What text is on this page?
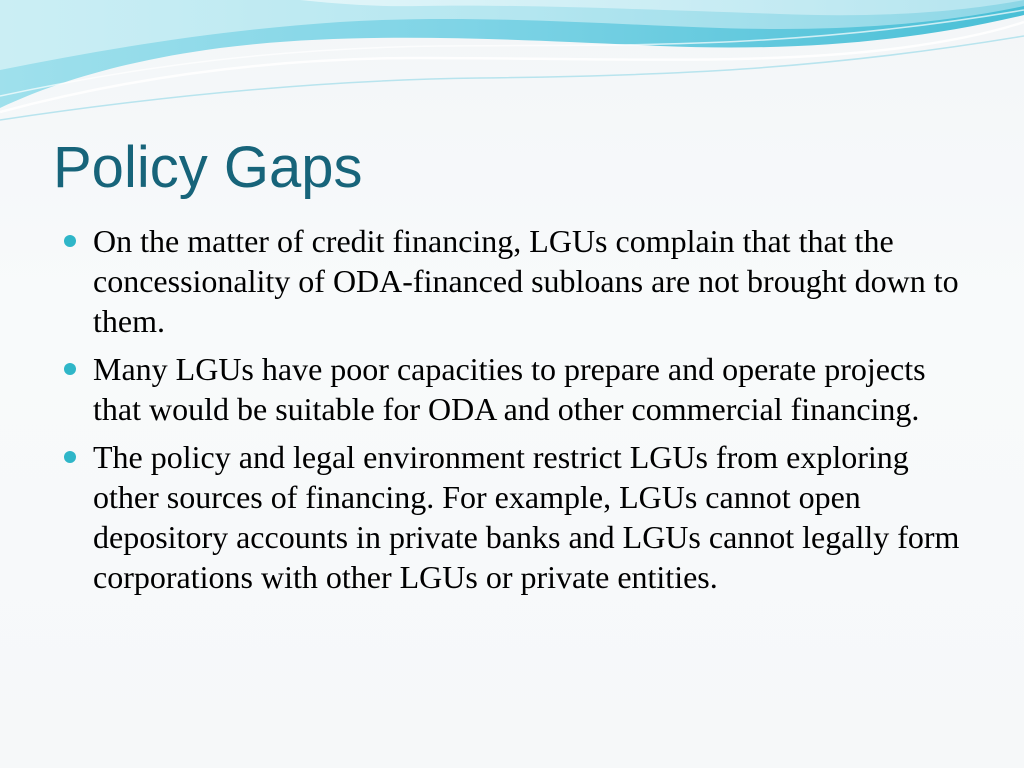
Policy Gaps
On the matter of credit financing, LGUs complain that that the concessionality of ODA-financed subloans are not brought down to them.
Many LGUs have poor capacities to prepare and operate projects that would be suitable for ODA and other commercial financing.
The policy and legal environment restrict LGUs from exploring other sources of financing. For example, LGUs cannot open depository accounts in private banks and LGUs cannot legally form corporations with other LGUs or private entities.
